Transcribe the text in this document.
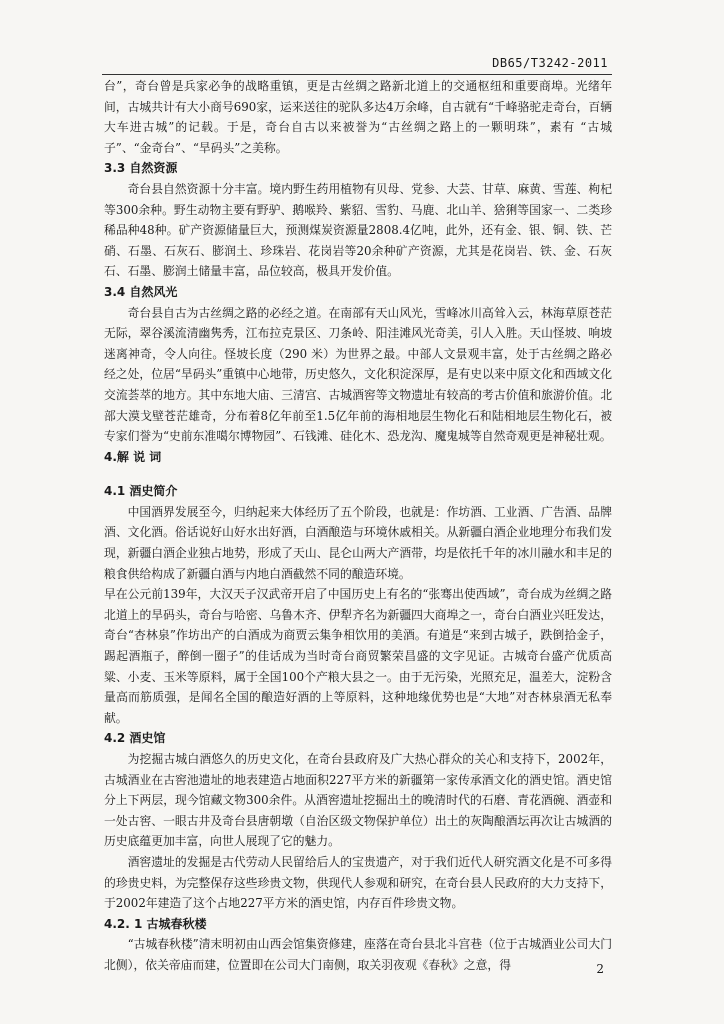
DB65/T3242-2011

台”，奇台曾是兵家必争的战略重镇，更是古丝绸之路新北道上的交通枢纽和重要商埠。光绪年间，古城共计有大小商号690家，运来送往的驼队多达4万余峰，自古就有“千峰骆驼走奇台，百辆大车进古城”的记载。于是，奇台自古以来被誉为“古丝绸之路上的一颗明珠”，素有 “古城子”、“金奇台”、“旱码头”之美称。

3.3 自然资源

奇台县自然资源十分丰富。境内野生药用植物有贝母、党参、大芸、甘草、麻黄、雪莲、枸杞等300余种。野生动物主要有野驴、鹅喉羚、紫貂、雪豹、马鹿、北山羊、猞猁等国家一、二类珍稀品种48种。矿产资源储量巨大，预测煤炭资源量2808.4亿吨，此外，还有金、银、铜、铁、芒硝、石墨、石灰石、膨润土、珍珠岩、花岗岩等20余种矿产资源，尤其是花岗岩、铁、金、石灰石、石墨、膨润土储量丰富，品位较高，极具开发价值。

3.4 自然风光

奇台县自古为古丝绸之路的必经之道。在南部有天山风光，雪峰冰川高耸入云，林海草原苍茫无际，翠谷溪流清幽隽秀，江布拉克景区、刀条岭、阳洼滩风光奇美，引人入胜。天山怪坡、响坡迷离神奇，令人向往。怪坡长度（290 米）为世界之最。中部人文景观丰富，处于古丝绸之路必经之处，位居“旱码头”重镇中心地带，历史悠久，文化积淀深厚，是有史以来中原文化和西域文化交流荟萃的地方。其中东地大庙、三清宫、古城酒窖等文物遗址有较高的考古价值和旅游价值。北部大漠戈壁苍茫雄奇，分布着8亿年前至1.5亿年前的海相地层生物化石和陆相地层生物化石，被专家们誉为“史前东准噶尔博物园”、石钱滩、硅化木、恐龙沟、魔鬼城等自然奇观更是神秘壮观。

4.解 说 词
4.1 酒史简介

中国酒界发展至今，归纳起来大体经历了五个阶段，也就是：作坊酒、工业酒、广告酒、品牌酒、文化酒。俗话说好山好水出好酒，白酒酿造与环境休戚相关。从新疆白酒企业地理分布我们发现，新疆白酒企业独占地势，形成了天山、昆仑山两大产酒带，均是依托千年的冰川融水和丰足的粮食供给构成了新疆白酒与内地白酒截然不同的酿造环境。

早在公元前139年，大汉天子汉武帝开启了中国历史上有名的“张骞出使西域”，奇台成为丝绸之路北道上的旱码头，奇台与哈密、乌鲁木齐、伊犁齐名为新疆四大商埠之一，奇台白酒业兴旺发达，奇台“杏林泉”作坊出产的白酒成为商贾云集争相饮用的美酒。有道是“来到古城子，跌倒拾金子，踢起酒瓶子，醉倒一圈子”的佳话成为当时奇台商贸繁荣昌盛的文字见证。古城奇台盛产优质高粱、小麦、玉米等原料，属于全国100个产粮大县之一。由于无污染，光照充足，温差大，淀粉含量高而筋质强，是闻名全国的酿造好酒的上等原料，这种地缘优势也是“大地”对杏林泉酒无私奉献。

4.2 酒史馆

为挖掘古城白酒悠久的历史文化，在奇台县政府及广大热心群众的关心和支持下，2002年，古城酒业在古窖池遗址的地表建造占地面积227平方米的新疆第一家传承酒文化的酒史馆。酒史馆分上下两层，现今馆藏文物300余件。从酒窖遗址挖掘出土的晚清时代的石磨、青花酒碗、酒壶和一处古窖、一眼古井及奇台县唐朝墩（自治区级文物保护单位）出土的灰陶酿酒坛再次让古城酒的历史底蕴更加丰富，向世人展现了它的魅力。

酒窖遗址的发掘是古代劳动人民留给后人的宝贵遗产，对于我们近代人研究酒文化是不可多得的珍贵史料，为完整保存这些珍贵文物，供现代人参观和研究，在奇台县人民政府的大力支持下，于2002年建造了这个占地227平方米的酒史馆，内存百件珍贵文物。

4.2. 1 古城春秋楼

“古城春秋楼”清末明初由山西会馆集资修建，座落在奇台县北斗宫巷（位于古城酒业公司大门北侧），依关帝庙而建，位置即在公司大门南侧，取关羽夜观《春秋》之意，得	2
